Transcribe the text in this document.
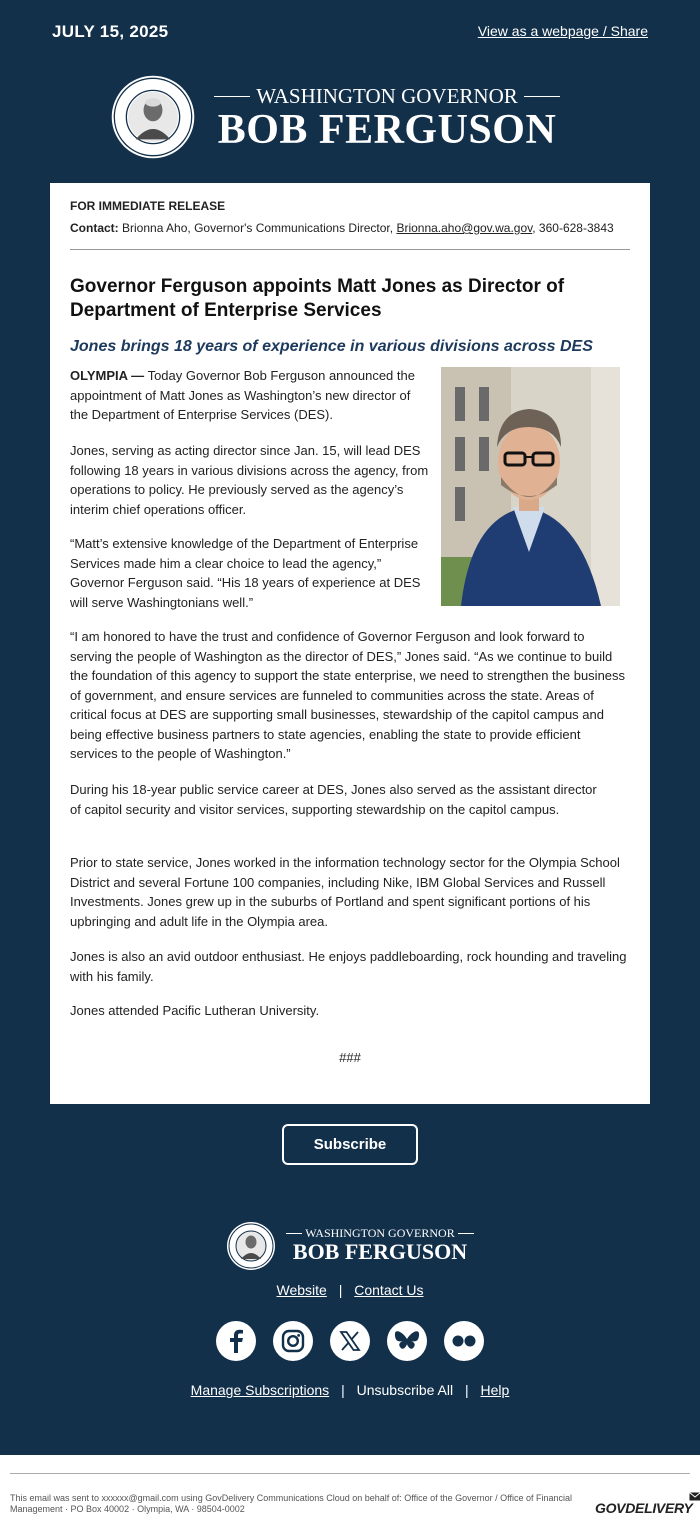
JULY 15, 2025	View as a webpage / Share
WASHINGTON GOVERNOR
BOB FERGUSON
FOR IMMEDIATE RELEASE
Contact: Brionna Aho, Governor's Communications Director, Brionna.aho@gov.wa.gov, 360-628-3843
Governor Ferguson appoints Matt Jones as Director of Department of Enterprise Services
Jones brings 18 years of experience in various divisions across DES
OLYMPIA — Today Governor Bob Ferguson announced the appointment of Matt Jones as Washington’s new director of the Department of Enterprise Services (DES).
Jones, serving as acting director since Jan. 15, will lead DES following 18 years in various divisions across the agency, from operations to policy. He previously served as the agency’s interim chief operations officer.
“Matt’s extensive knowledge of the Department of Enterprise Services made him a clear choice to lead the agency,” Governor Ferguson said. “His 18 years of experience at DES will serve Washingtonians well.”
“I am honored to have the trust and confidence of Governor Ferguson and look forward to serving the people of Washington as the director of DES,” Jones said. “As we continue to build the foundation of this agency to support the state enterprise, we need to strengthen the business of government, and ensure services are funneled to communities across the state. Areas of critical focus at DES are supporting small businesses, stewardship of the capitol campus and being effective business partners to state agencies, enabling the state to provide efficient services to the people of Washington.”
During his 18-year public service career at DES, Jones also served as the assistant director of capitol security and visitor services, supporting stewardship on the capitol campus.
Prior to state service, Jones worked in the information technology sector for the Olympia School District and several Fortune 100 companies, including Nike, IBM Global Services and Russell Investments. Jones grew up in the suburbs of Portland and spent significant portions of his upbringing and adult life in the Olympia area.
Jones is also an avid outdoor enthusiast. He enjoys paddleboarding, rock hounding and traveling with his family.
Jones attended Pacific Lutheran University.
###
Subscribe
WASHINGTON GOVERNOR
BOB FERGUSON
Website | Contact Us
Manage Subscriptions | Unsubscribe All | Help
This email was sent to xxxxxx@gmail.com using GovDelivery Communications Cloud on behalf of: Office of the Governor / Office of Financial Management · PO Box 40002 · Olympia, WA · 98504-0002	GOVDELIVERY
